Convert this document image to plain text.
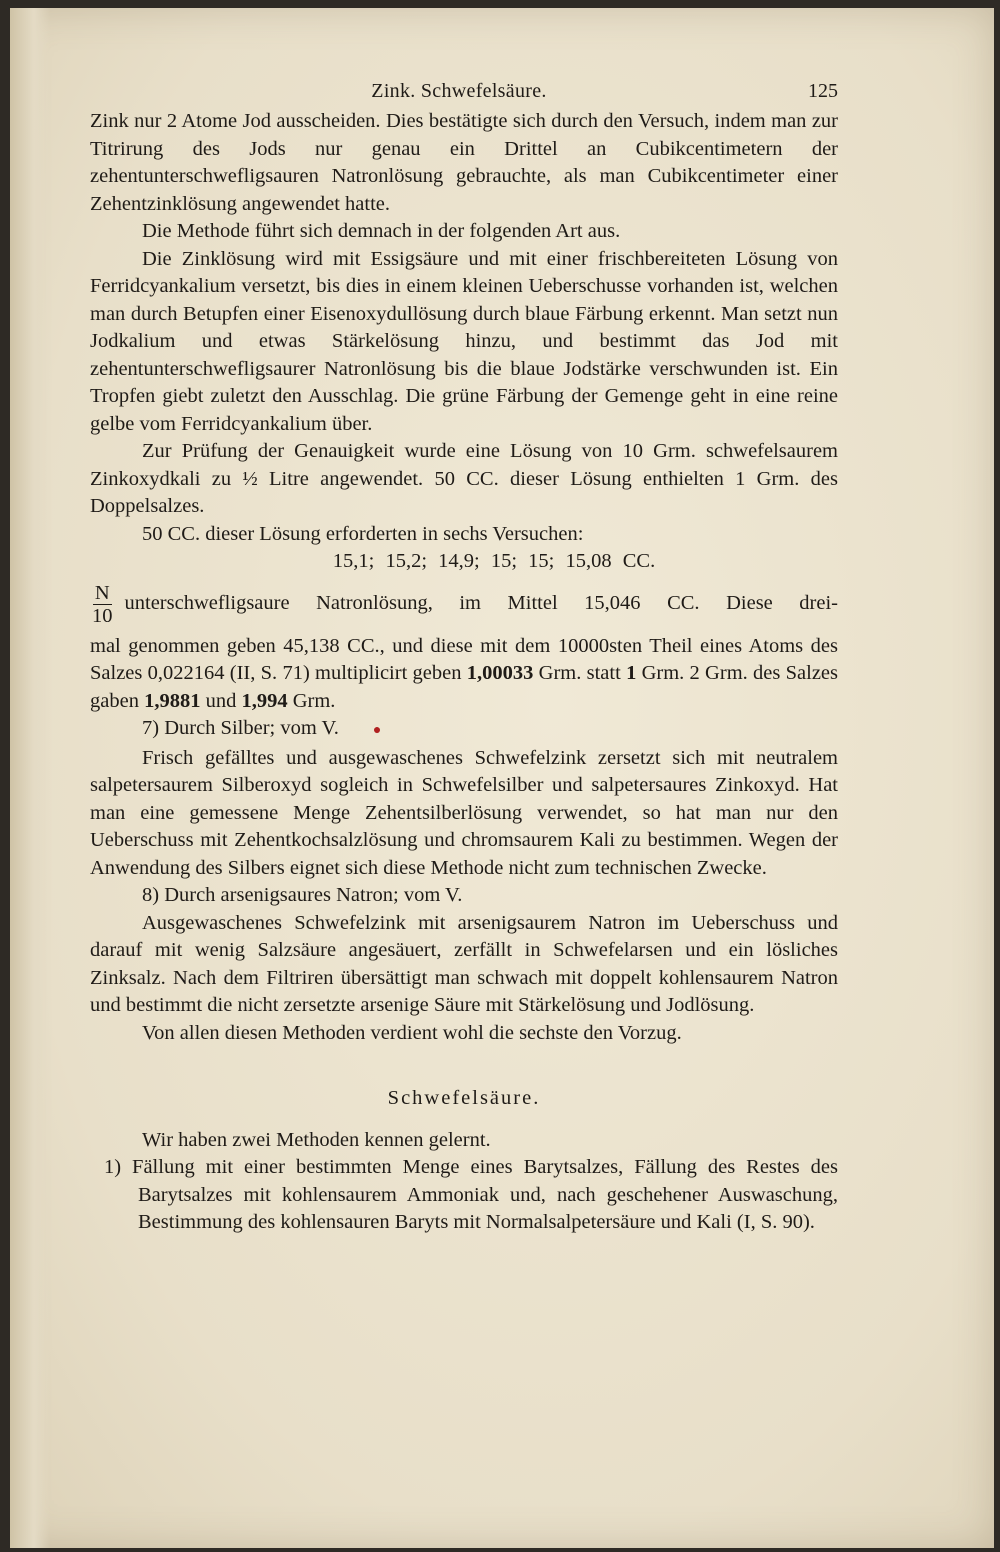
Zink. Schwefelsäure.	125

Zink nur 2 Atome Jod ausscheiden. Dies bestätigte sich durch den Versuch, indem man zur Titrirung des Jods nur genau ein Drittel an Cubikcentimetern der zehentunterschwefligsauren Natronlösung gebrauchte, als man Cubikcentimeter einer Zehentzinklösung angewendet hatte.

Die Methode führt sich demnach in der folgenden Art aus.

Die Zinklösung wird mit Essigsäure und mit einer frischbereiteten Lösung von Ferridcyankalium versetzt, bis dies in einem kleinen Ueberschusse vorhanden ist, welchen man durch Betupfen einer Eisenoxydullösung durch blaue Färbung erkennt. Man setzt nun Jodkalium und etwas Stärkelösung hinzu, und bestimmt das Jod mit zehentunterschwefligsaurer Natronlösung bis die blaue Jodstärke verschwunden ist. Ein Tropfen giebt zuletzt den Ausschlag. Die grüne Färbung der Gemenge geht in eine reine gelbe vom Ferridcyankalium über.

Zur Prüfung der Genauigkeit wurde eine Lösung von 10 Grm. schwefelsaurem Zinkoxydkali zu ½ Litre angewendet. 50 CC. dieser Lösung enthielten 1 Grm. des Doppelsalzes.

50 CC. dieser Lösung erforderten in sechs Versuchen:

15,1; 15,2; 14,9; 15; 15; 15,08 CC.

$\frac{N}{10}$ unterschwefligsaure Natronlösung, im Mittel 15,046 CC. Diese drei-

mal genommen geben 45,138 CC., und diese mit dem 10000sten Theil eines Atoms des Salzes 0,022164 (II, S. 71) multiplicirt geben 1,00033 Grm. statt 1 Grm. 2 Grm. des Salzes gaben 1,9881 und 1,994 Grm.

7) Durch Silber; vom V. ●

Frisch gefälltes und ausgewaschenes Schwefelzink zersetzt sich mit neutralem salpetersaurem Silberoxyd sogleich in Schwefelsilber und salpetersaures Zinkoxyd. Hat man eine gemessene Menge Zehentsilberlösung verwendet, so hat man nur den Ueberschuss mit Zehentkochsalzlösung und chromsaurem Kali zu bestimmen. Wegen der Anwendung des Silbers eignet sich diese Methode nicht zum technischen Zwecke.

8) Durch arsenigsaures Natron; vom V.

Ausgewaschenes Schwefelzink mit arsenigsaurem Natron im Ueberschuss und darauf mit wenig Salzsäure angesäuert, zerfällt in Schwefelarsen und ein lösliches Zinksalz. Nach dem Filtriren übersättigt man schwach mit doppelt kohlensaurem Natron und bestimmt die nicht zersetzte arsenige Säure mit Stärkelösung und Jodlösung.

Von allen diesen Methoden verdient wohl die sechste den Vorzug.

Schwefelsäure.

Wir haben zwei Methoden kennen gelernt.

1) Fällung mit einer bestimmten Menge eines Barytsalzes, Fällung des Restes des Barytsalzes mit kohlensaurem Ammoniak und, nach geschehener Auswaschung, Bestimmung des kohlensauren Baryts mit Normalsalpetersäure und Kali (I, S. 90).
